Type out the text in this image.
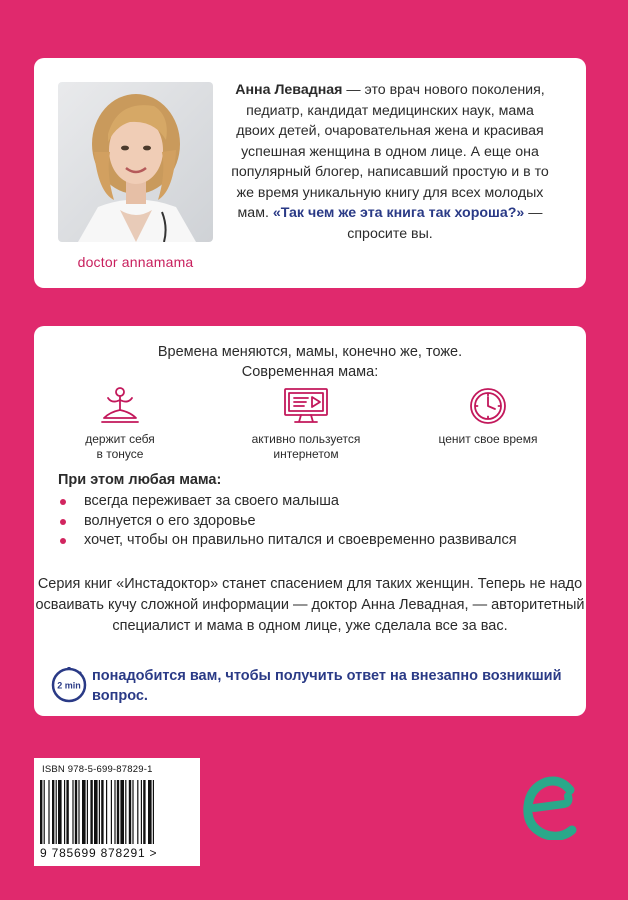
doctor annamama
Анна Левадная — это врач нового поколения, педиатр, кандидат медицинских наук, мама двоих детей, очаровательная жена и красивая успешная женщина в одном лице. А еще она популярный блогер, написавший простую и в то же время уникальную книгу для всех молодых мам. «Так чем же эта книга так хороша?» — спросите вы.
Времена меняются, мамы, конечно же, тоже.
Современная мама:
держит себя
в тонусе
активно пользуется
интернетом
ценит свое время
При этом любая мама:
всегда переживает за своего малыша
волнуется о его здоровье
хочет, чтобы он правильно питался и своевременно развивался
Серия книг «Инстадоктор» станет спасением для таких женщин. Теперь не надо осваивать кучу сложной информации — доктор Анна Левадная, — авторитетный специалист и мама в одном лице, уже сделала все за вас.
2 min
понадобится вам, чтобы получить ответ на внезапно возникший вопрос.
ISBN 978-5-699-87829-1
9 785699 878291 >
